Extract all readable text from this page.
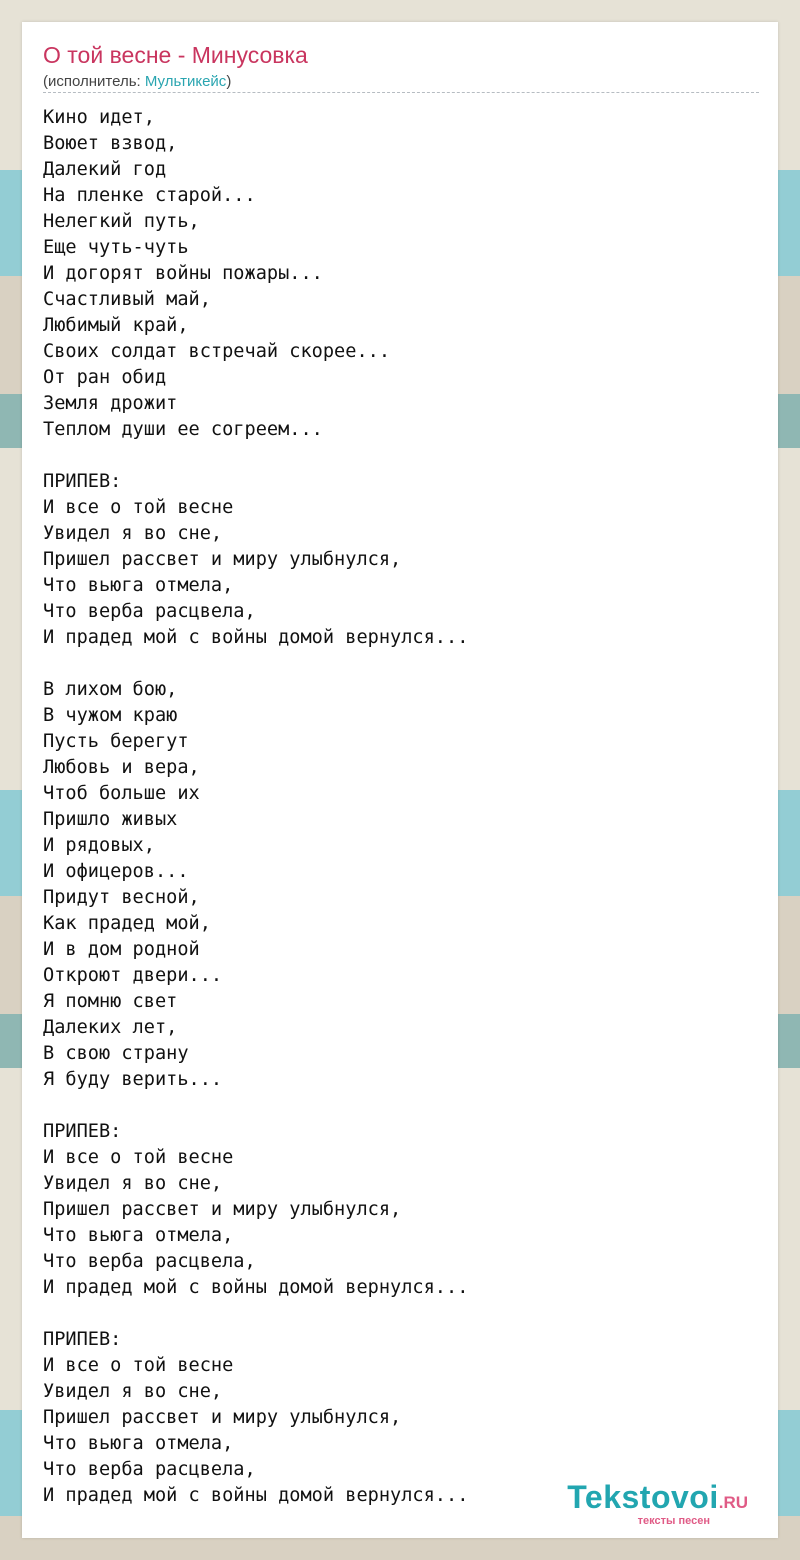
О той весне - Минусовка
(исполнитель: Мультикейс)
Кино идет,
Воюет взвод,
Далекий год
На пленке старой...
Нелегкий путь,
Еще чуть-чуть
И догорят войны пожары...
Счастливый май,
Любимый край,
Своих солдат встречай скорее...
От ран обид
Земля дрожит
Теплом души ее согреем...

ПРИПЕВ:
И все о той весне
Увидел я во сне,
Пришел рассвет и миру улыбнулся,
Что вьюга отмела,
Что верба расцвела,
И прадед мой с войны домой вернулся...

В лихом бою,
В чужом краю
Пусть берегут
Любовь и вера,
Чтоб больше их
Пришло живых
И рядовых,
И офицеров...
Придут весной,
Как прадед мой,
И в дом родной
Откроют двери...
Я помню свет
Далеких лет,
В свою страну
Я буду верить...

ПРИПЕВ:
И все о той весне
Увидел я во сне,
Пришел рассвет и миру улыбнулся,
Что вьюга отмела,
Что верба расцвела,
И прадед мой с войны домой вернулся...

ПРИПЕВ:
И все о той весне
Увидел я во сне,
Пришел рассвет и миру улыбнулся,
Что вьюга отмела,
Что верба расцвела,
И прадед мой с войны домой вернулся...	Tekstovoi.RU
тексты песен
